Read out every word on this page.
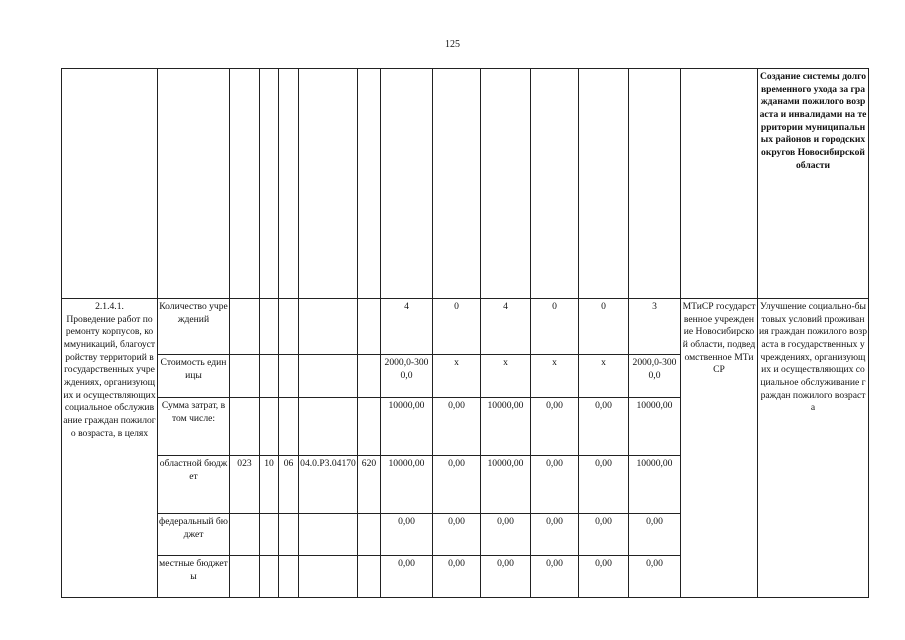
125
														Создание системы долговременного ухода за гражданами пожилого возраста и инвалидами на территории муниципальных районов и городских округов Новосибирской области

2.1.4.1.
Проведение работ по ремонту корпусов, коммуникаций, благоустройству территорий в государственных учреждениях, организующих и осуществляющих социальное обслуживание граждан пожилого возраста, в целях	Количество учреждений						4	0	4	0	0	3	МТиСР государственное учреждение Новосибирской области, подведомственное МТиСР	Улучшение социально-бытовых условий проживания граждан пожилого возраста в государственных учреждениях, организующих и осуществляющих социальное обслуживание граждан пожилого возраста
	Стоимость единицы						2000,0-3000,0	x	x	x	x	2000,0-3000,0		
	Сумма затрат, в том числе:						10000,00	0,00	10000,00	0,00	0,00	10000,00		
	областной бюджет	023	10	06	04.0.P3.04170	620	10000,00	0,00	10000,00	0,00	0,00	10000,00		
	федеральный бюджет						0,00	0,00	0,00	0,00	0,00	0,00		
	местные бюджеты						0,00	0,00	0,00	0,00	0,00	0,00		
